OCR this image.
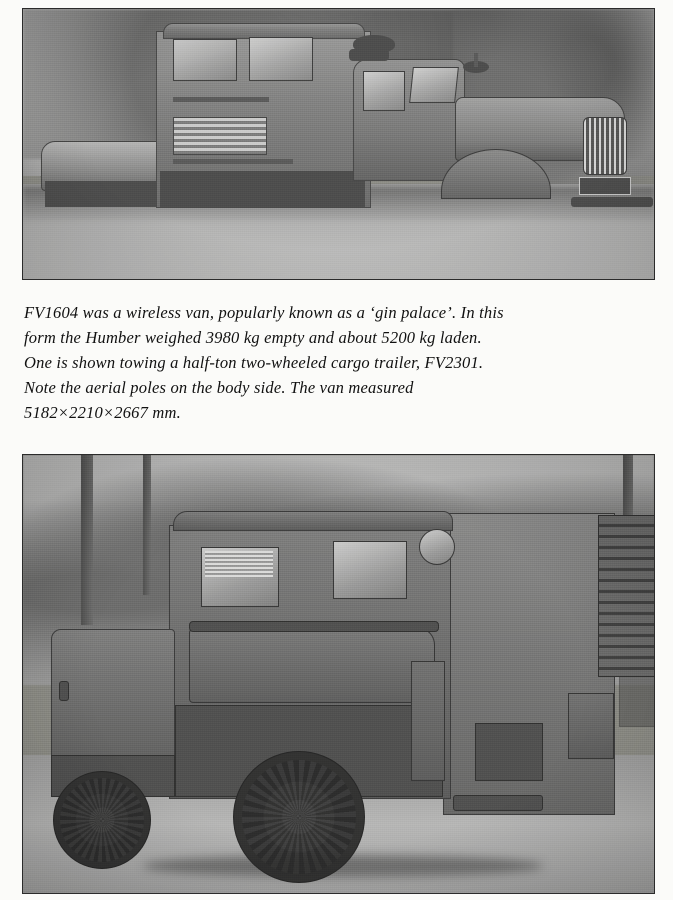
FV1604 was a wireless van, popularly known as a ‘gin palace’. In this
form the Humber weighed 3980 kg empty and about 5200 kg laden.
One is shown towing a half-ton two-wheeled cargo trailer, FV2301.
Note the aerial poles on the body side. The van measured
5182×2210×2667 mm.
